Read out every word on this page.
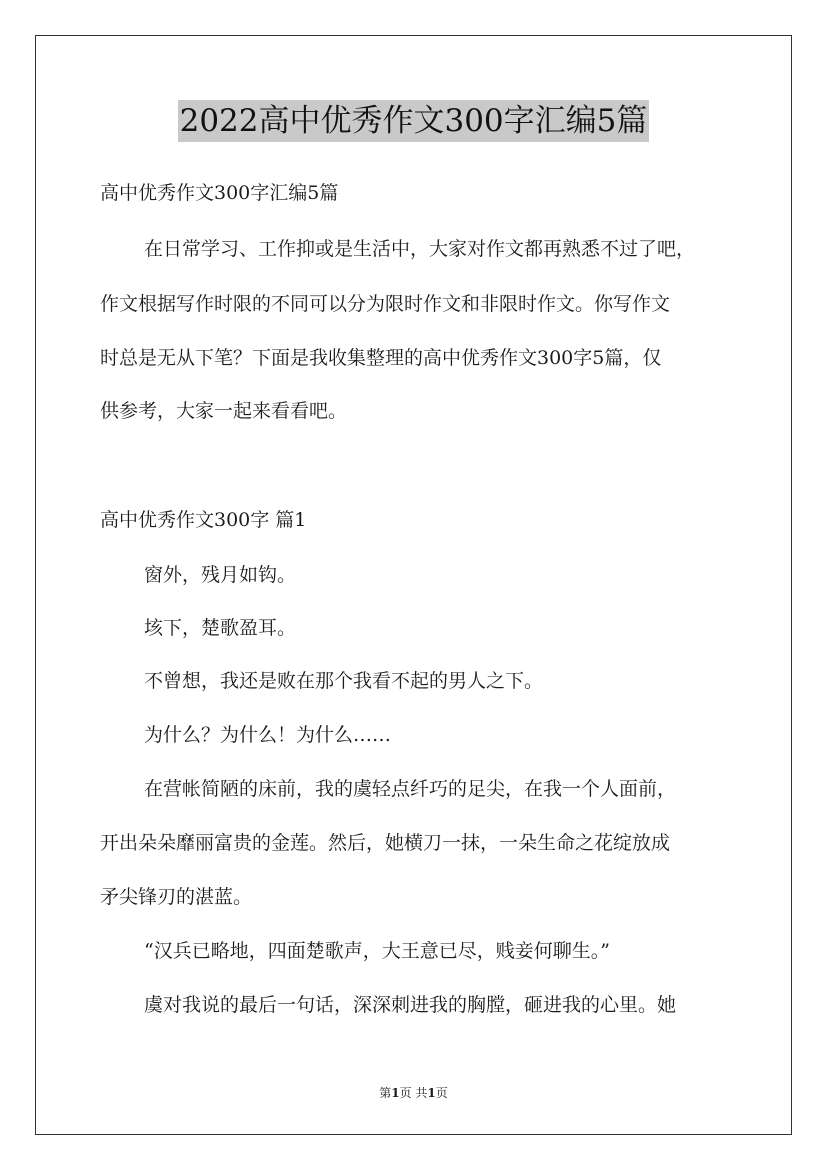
2022高中优秀作文300字汇编5篇
高中优秀作文300字汇编5篇
在日常学习、工作抑或是生活中，大家对作文都再熟悉不过了吧，
作文根据写作时限的不同可以分为限时作文和非限时作文。你写作文
时总是无从下笔？下面是我收集整理的高中优秀作文300字5篇，仅
供参考，大家一起来看看吧。
高中优秀作文300字 篇1
窗外，残月如钩。
垓下，楚歌盈耳。
不曾想，我还是败在那个我看不起的男人之下。
为什么？为什么！为什么……
在营帐简陋的床前，我的虞轻点纤巧的足尖，在我一个人面前，
开出朵朵靡丽富贵的金莲。然后，她横刀一抹，一朵生命之花绽放成
矛尖锋刃的湛蓝。
“汉兵已略地，四面楚歌声，大王意已尽，贱妾何聊生。”
虞对我说的最后一句话，深深刺进我的胸膛，砸进我的心里。她
第1页 共1页
